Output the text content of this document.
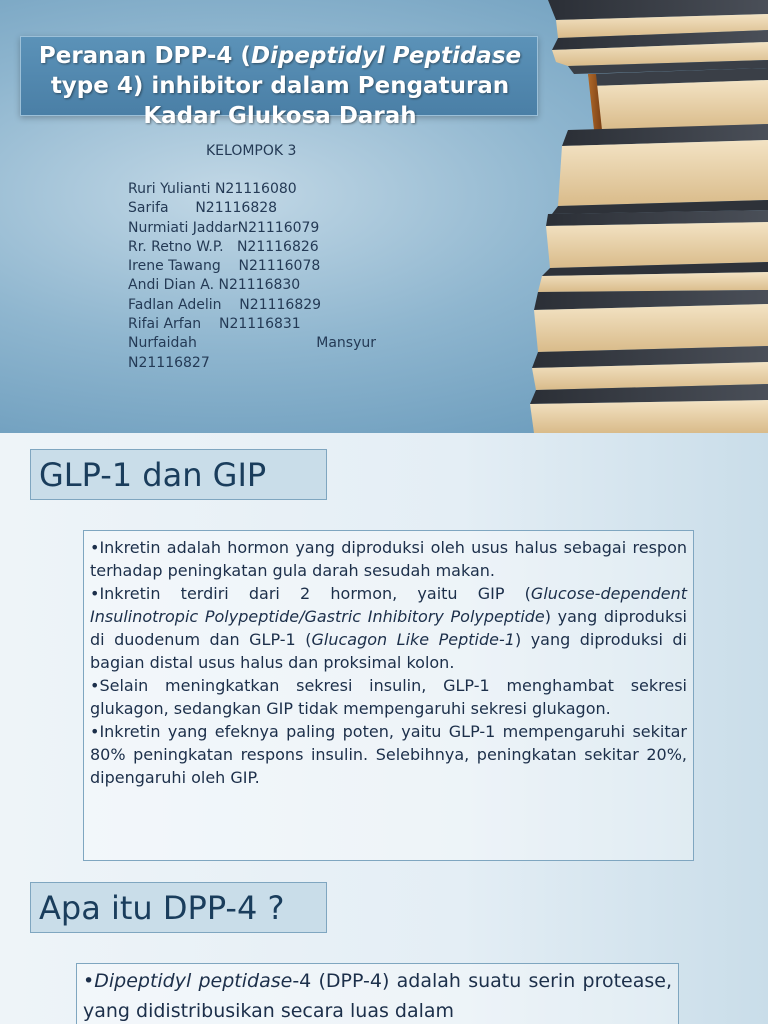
Peranan DPP-4 (Dipeptidyl Peptidase type 4) inhibitor dalam Pengaturan Kadar Glukosa Darah
KELOMPOK 3
Ruri Yulianti N21116080
Sarifa      N21116828
Nurmiati JaddarN21116079
Rr. Retno W.P.   N21116826
Irene Tawang    N21116078
Andi Dian A. N21116830
Fadlan Adelin    N21116829
Rifai Arfan    N21116831
Nurfaidah	Mansyur
N21116827
GLP-1 dan GIP

•Inkretin adalah hormon yang diproduksi oleh usus halus sebagai respon terhadap peningkatan gula darah sesudah makan.

•Inkretin terdiri dari 2 hormon, yaitu GIP (Glucose-dependent Insulinotropic Polypeptide/Gastric Inhibitory Polypeptide) yang diproduksi di duodenum dan GLP-1 (Glucagon Like Peptide-1) yang diproduksi di bagian distal usus halus dan proksimal kolon.

•Selain meningkatkan sekresi insulin, GLP-1 menghambat sekresi glukagon, sedangkan GIP tidak mempengaruhi sekresi glukagon.

•Inkretin yang efeknya paling poten, yaitu GLP-1 mempengaruhi sekitar 80% peningkatan respons insulin. Selebihnya, peningkatan sekitar 20%, dipengaruhi oleh GIP.

Apa itu DPP-4 ?

•Dipeptidyl peptidase-4 (DPP-4) adalah suatu serin protease, yang didistribusikan secara luas dalam
